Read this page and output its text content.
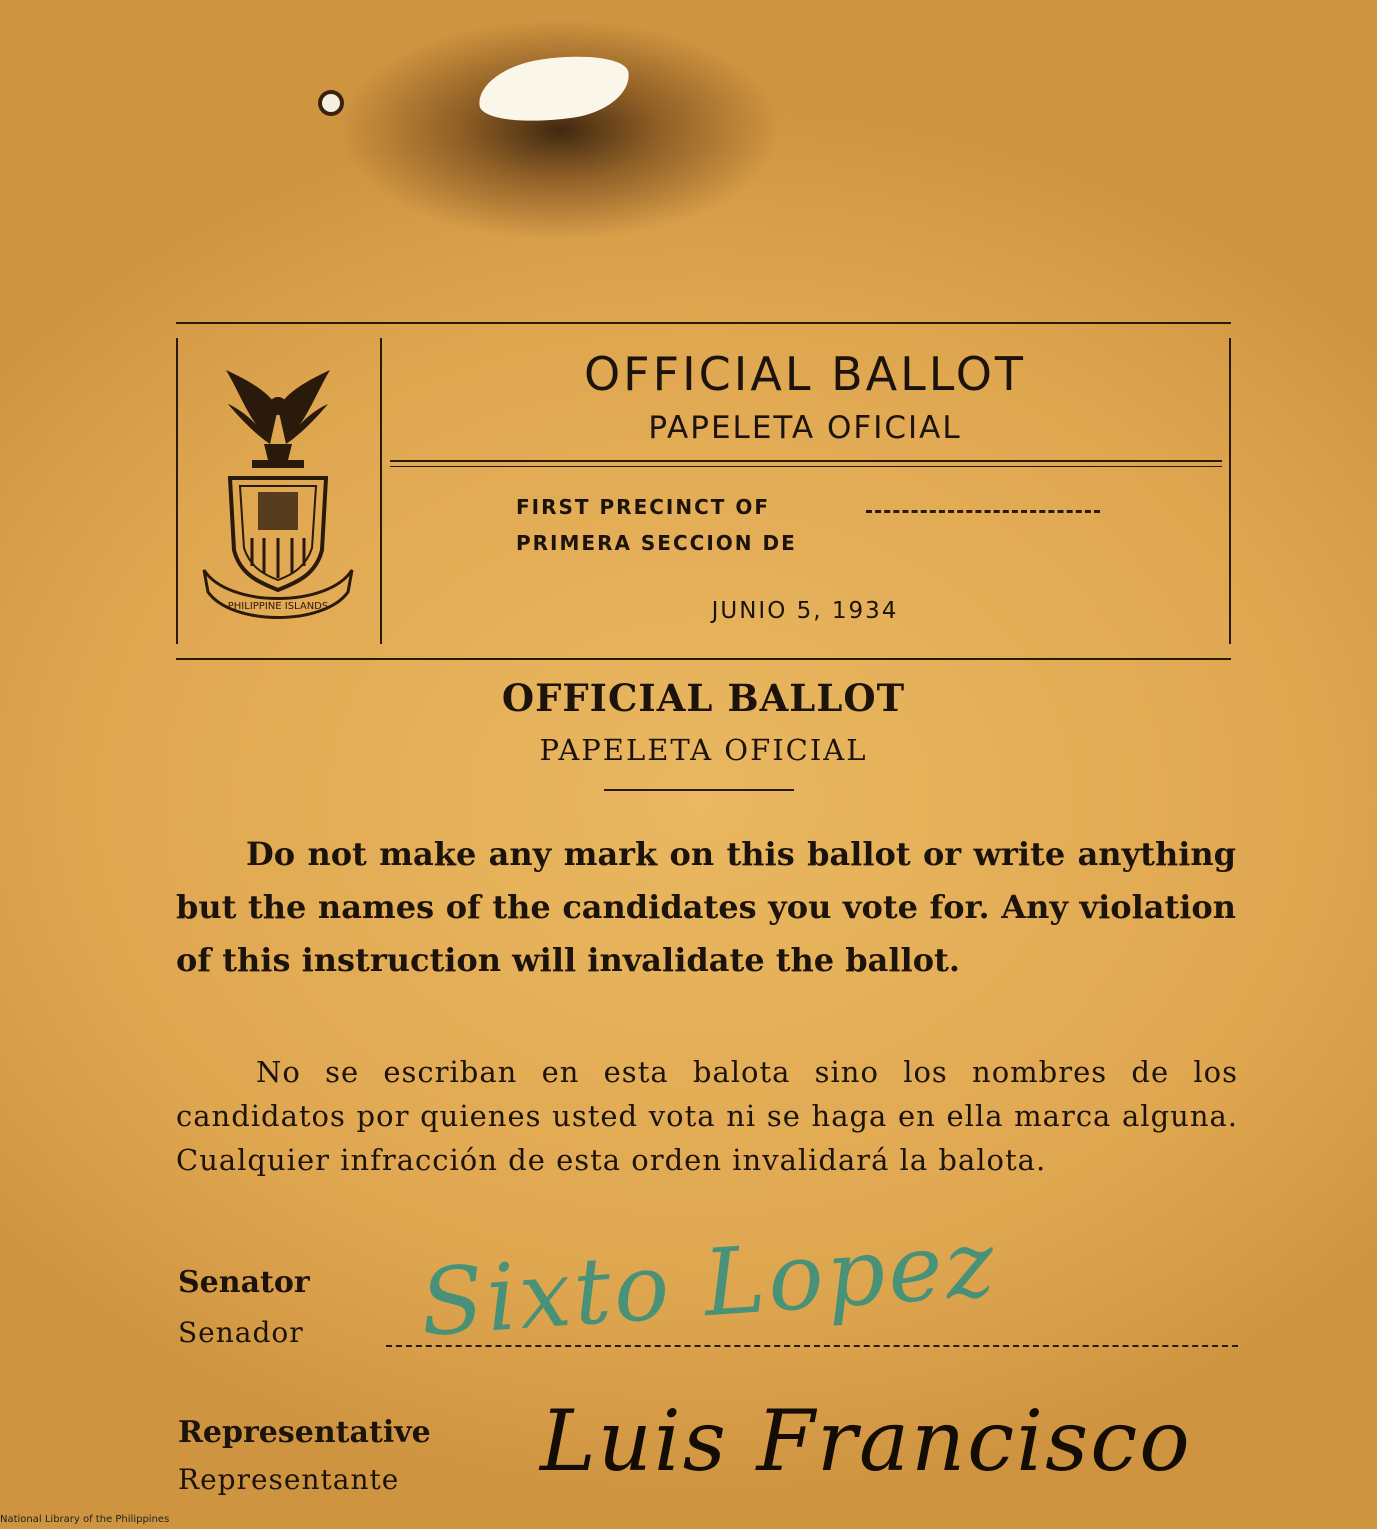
PHILIPPINE ISLANDS
OFFICIAL BALLOT
PAPELETA OFICIAL
FIRST PRECINCT OF
PRIMERA SECCION DE
JUNIO 5, 1934
OFFICIAL BALLOT
PAPELETA OFICIAL
Do not make any mark on this ballot or write anything but the names of the candidates you vote for. Any violation of this instruction will invalidate the ballot.
No se escriban en esta balota sino los nombres de los candidatos por quienes usted vota ni se haga en ella marca alguna. Cualquier infracción de esta orden invalidará la balota.
Senator
Senador Sixto Lopez
Representative
Representante Luis Francisco
National Library of the Philippines
